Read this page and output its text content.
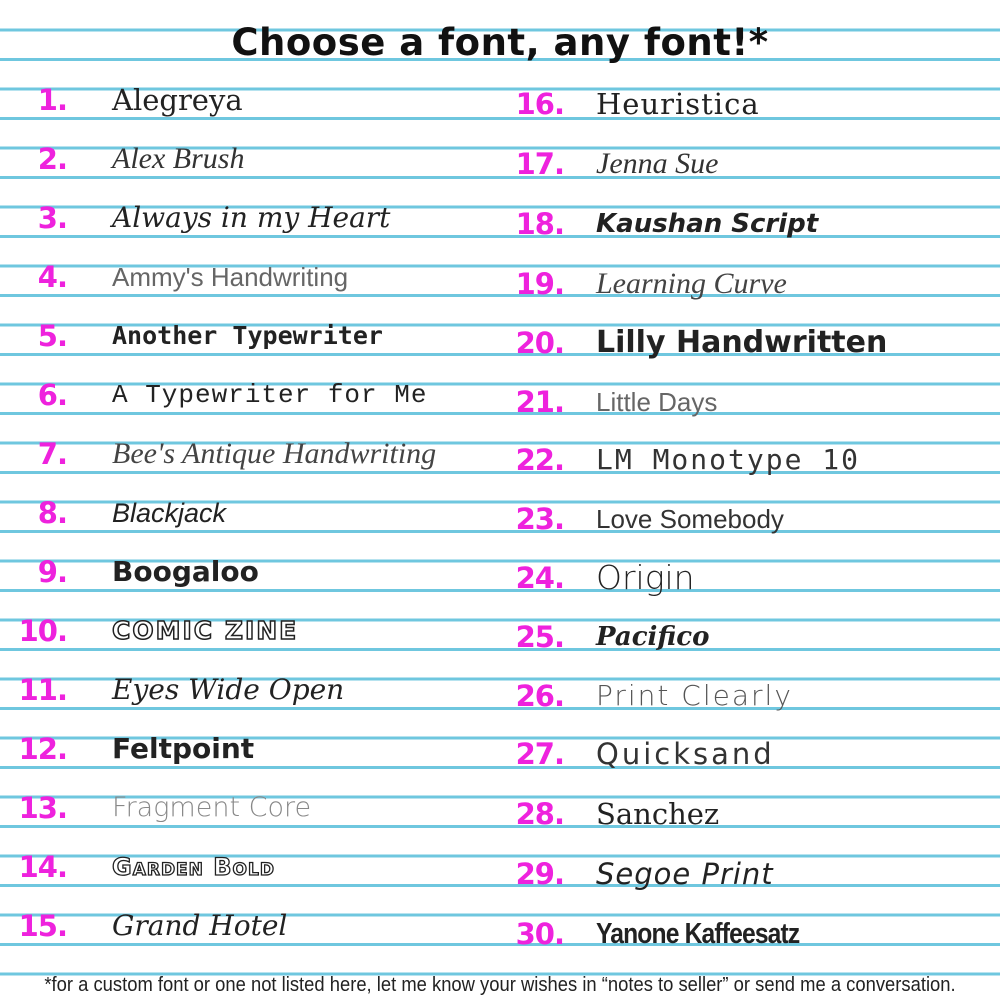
Choose a font, any font!*
1. Alegreya
2. Alex Brush
3. Always in my Heart
4. Ammy's Handwriting
5. Another Typewriter
6. A Typewriter for Me
7. Bee's Antique Handwriting
8. Blackjack
9. Boogaloo
10. COMIC ZINE
11. Eyes Wide Open
12. Feltpoint
13. Fragment Core
14. Garden Bold
15. Grand Hotel
16. Heuristica
17. Jenna Sue
18. Kaushan Script
19. Learning Curve
20. Lilly Handwritten
21. Little Days
22. LM Monotype 10
23. Love Somebody
24. Origin
25. Pacifico
26. Print Clearly
27. Quicksand
28. Sanchez
29. Segoe Print
30. Yanone Kaffeesatz

*for a custom font or one not listed here, let me know your wishes in “notes to seller” or send me a conversation.
